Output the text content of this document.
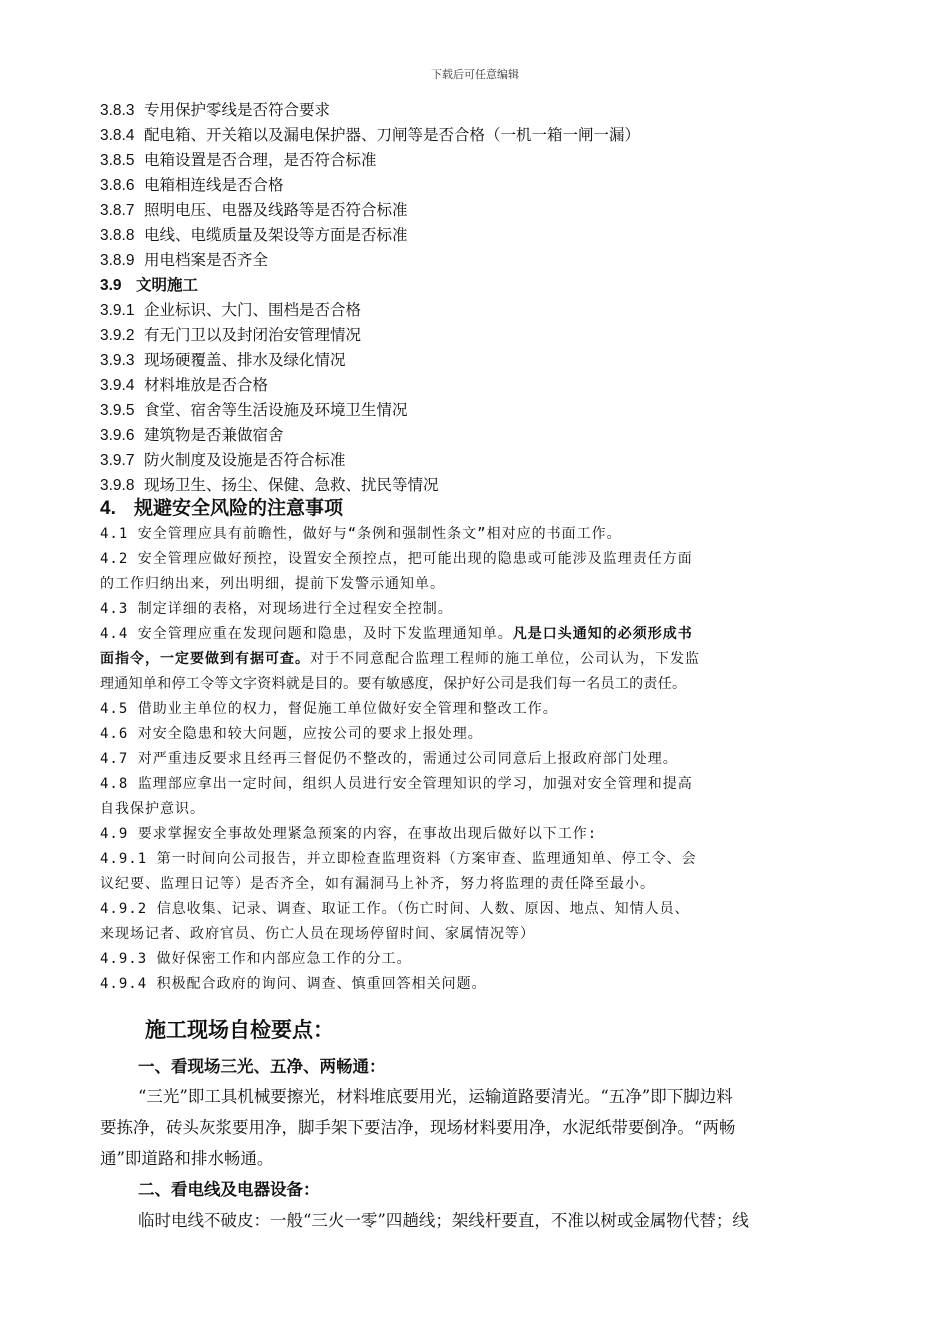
下载后可任意编辑
3.8.3 专用保护零线是否符合要求
3.8.4 配电箱、开关箱以及漏电保护器、刀闸等是否合格（一机一箱一闸一漏）
3.8.5 电箱设置是否合理，是否符合标准
3.8.6 电箱相连线是否合格
3.8.7 照明电压、电器及线路等是否符合标准
3.8.8 电线、电缆质量及架设等方面是否标准
3.8.9 用电档案是否齐全
3.9 文明施工
3.9.1 企业标识、大门、围档是否合格
3.9.2 有无门卫以及封闭治安管理情况
3.9.3 现场硬覆盖、排水及绿化情况
3.9.4 材料堆放是否合格
3.9.5 食堂、宿舍等生活设施及环境卫生情况
3.9.6 建筑物是否兼做宿舍
3.9.7 防火制度及设施是否符合标准
3.9.8 现场卫生、扬尘、保健、急救、扰民等情况
4. 规避安全风险的注意事项
4.1 安全管理应具有前瞻性，做好与“条例和强制性条文”相对应的书面工作。
4.2 安全管理应做好预控，设置安全预控点，把可能出现的隐患或可能涉及监理责任方面
的工作归纳出来，列出明细，提前下发警示通知单。
4.3 制定详细的表格，对现场进行全过程安全控制。
4.4 安全管理应重在发现问题和隐患，及时下发监理通知单。凡是口头通知的必须形成书
面指令，一定要做到有据可查。对于不同意配合监理工程师的施工单位，公司认为，下发监
理通知单和停工令等文字资料就是目的。要有敏感度，保护好公司是我们每一名员工的责任。
4.5 借助业主单位的权力，督促施工单位做好安全管理和整改工作。
4.6 对安全隐患和较大问题，应按公司的要求上报处理。
4.7 对严重违反要求且经再三督促仍不整改的，需通过公司同意后上报政府部门处理。
4.8 监理部应拿出一定时间，组织人员进行安全管理知识的学习，加强对安全管理和提高
自我保护意识。
4.9 要求掌握安全事故处理紧急预案的内容，在事故出现后做好以下工作:
4.9.1 第一时间向公司报告，并立即检查监理资料（方案审查、监理通知单、停工令、会
议纪要、监理日记等）是否齐全，如有漏洞马上补齐，努力将监理的责任降至最小。
4.9.2 信息收集、记录、调查、取证工作。（伤亡时间、人数、原因、地点、知情人员、
来现场记者、政府官员、伤亡人员在现场停留时间、家属情况等）
4.9.3 做好保密工作和内部应急工作的分工。
4.9.4 积极配合政府的询问、调查、慎重回答相关问题。
施工现场自检要点：
一、看现场三光、五净、两畅通：
“三光”即工具机械要擦光，材料堆底要用光，运输道路要清光。“五净”即下脚边料
要拣净，砖头灰浆要用净，脚手架下要洁净，现场材料要用净，水泥纸带要倒净。“两畅
通”即道路和排水畅通。
二、看电线及电器设备：
临时电线不破皮：一般“三火一零”四趟线；架线杆要直，不准以树或金属物代替；线
